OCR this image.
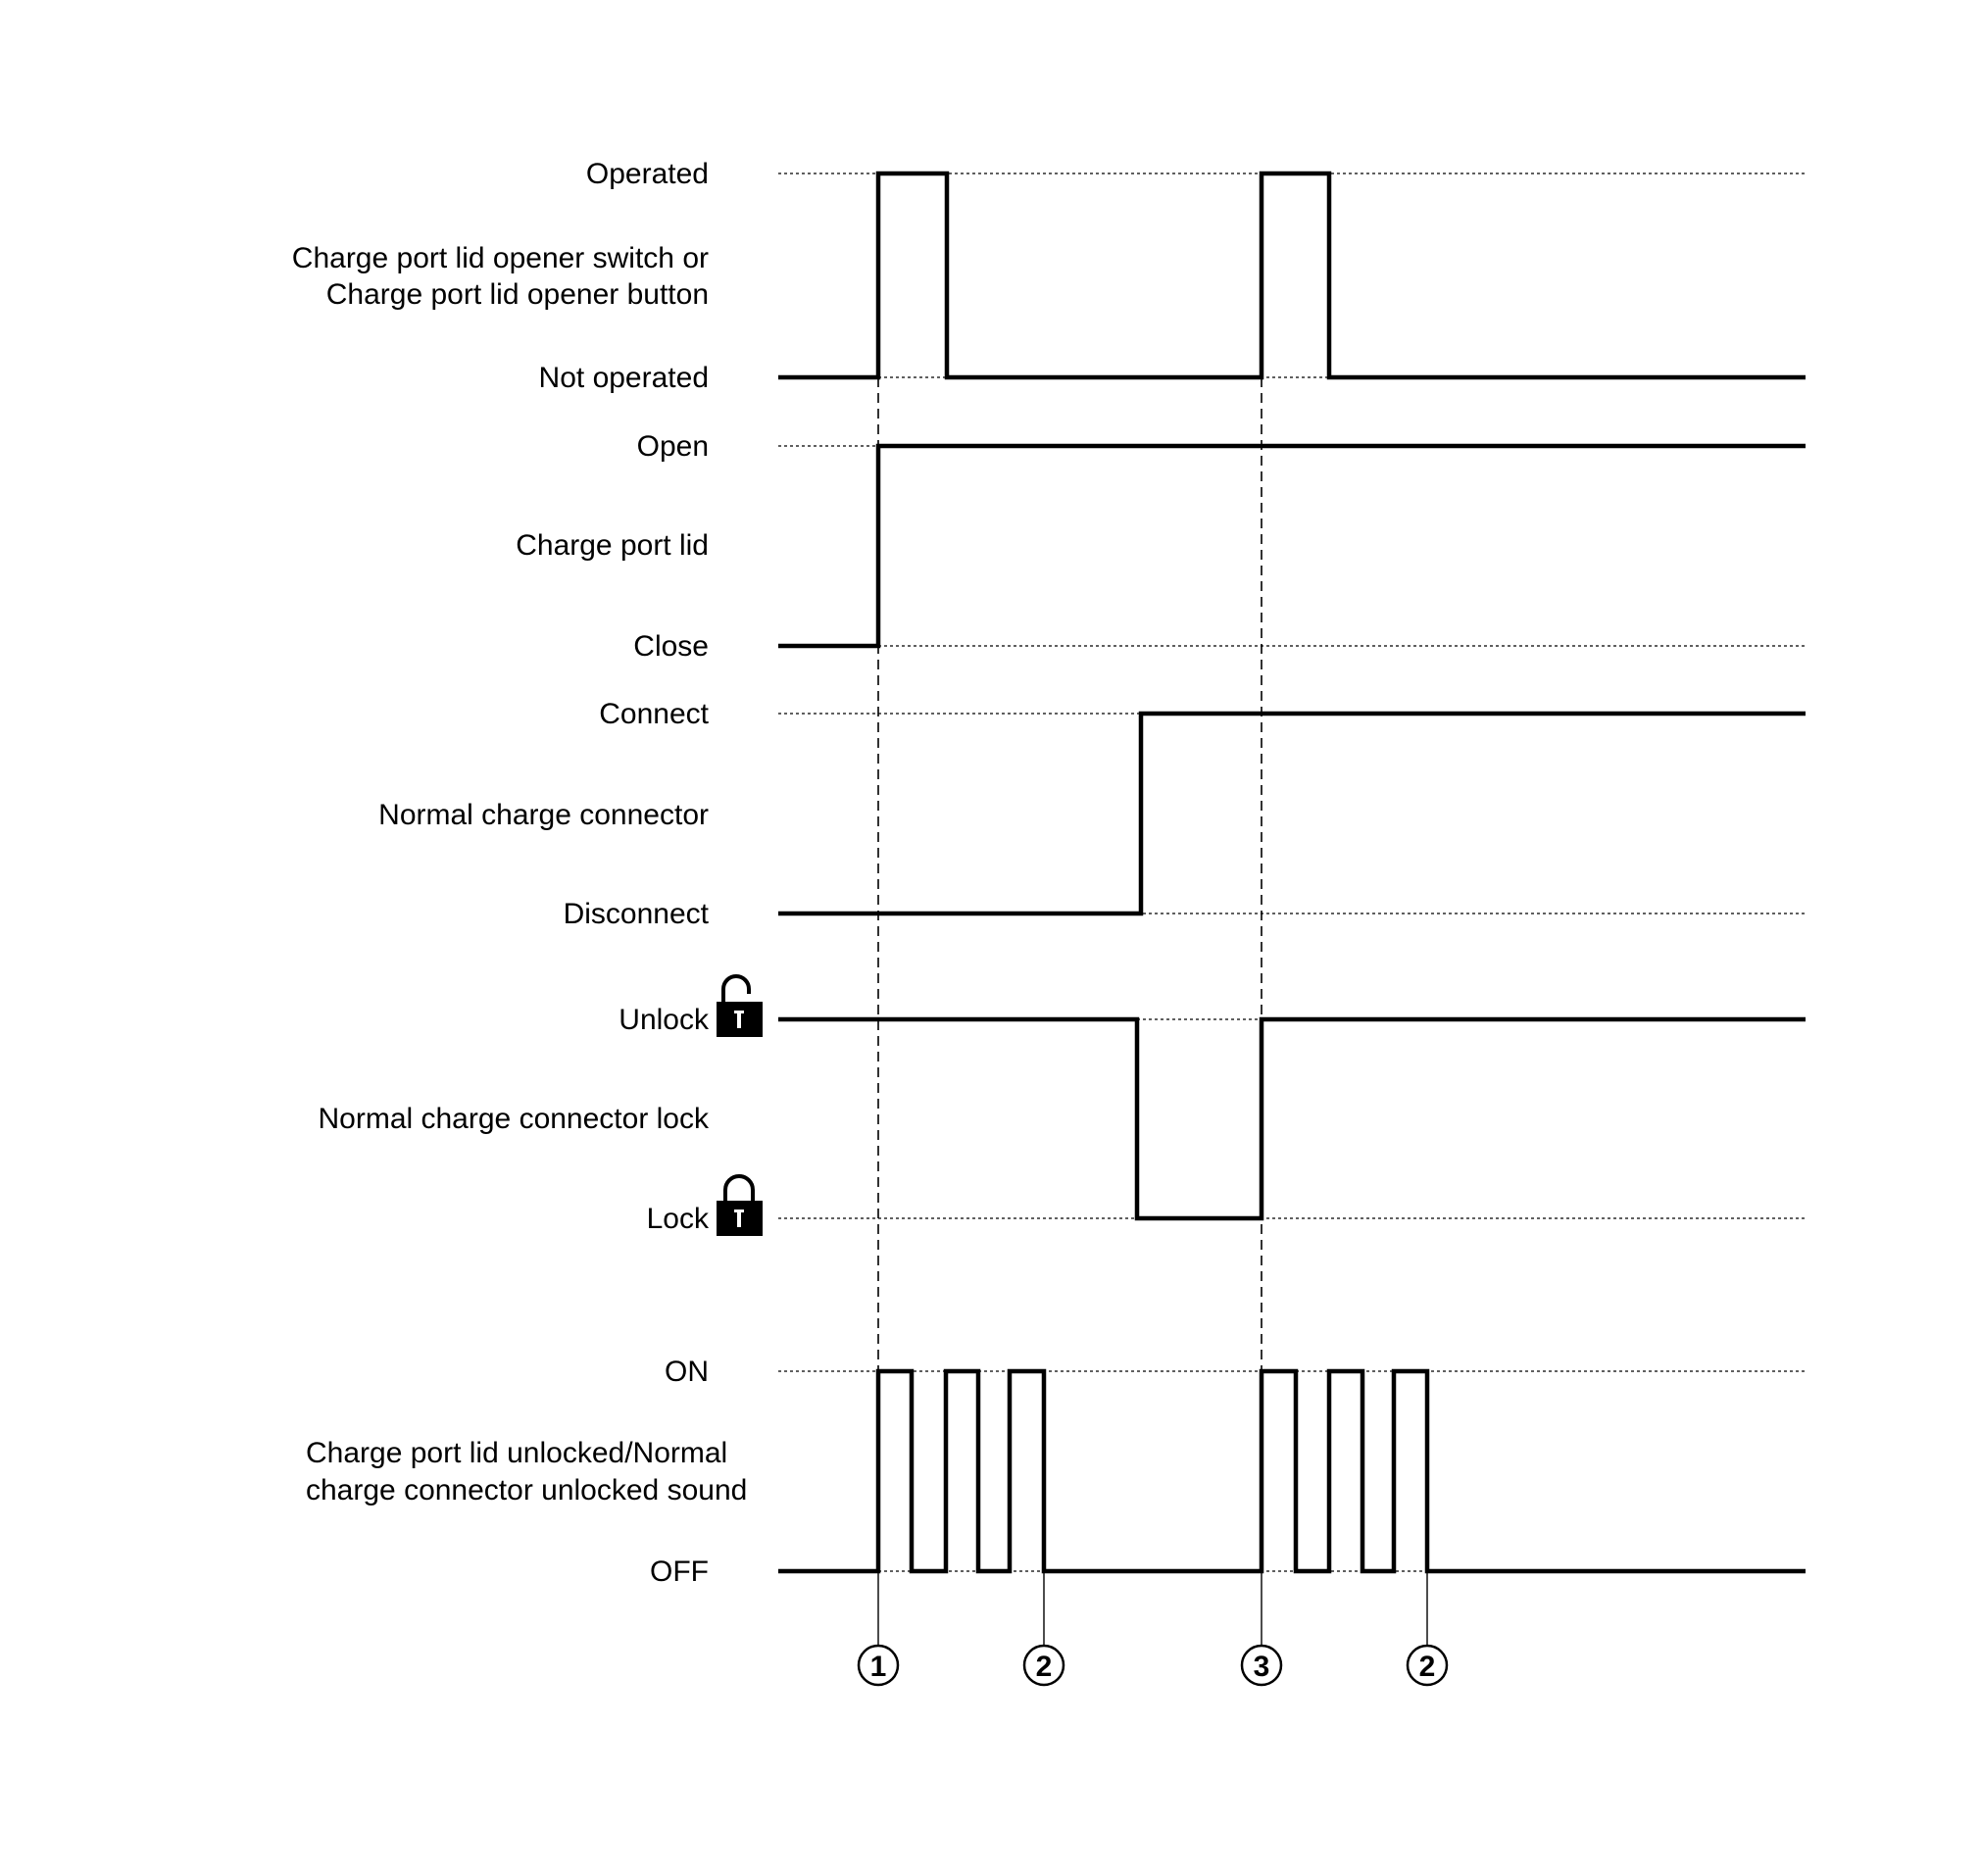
Operated
Not operated
Charge port lid opener switch or
Charge port lid opener button
Open
Close
Charge port lid
Connect
Disconnect
Normal charge connector
Unlock
Lock
Normal charge connector lock
ON
OFF
Charge port lid unlocked/Normal
charge connector unlocked sound
1	2	3	2
